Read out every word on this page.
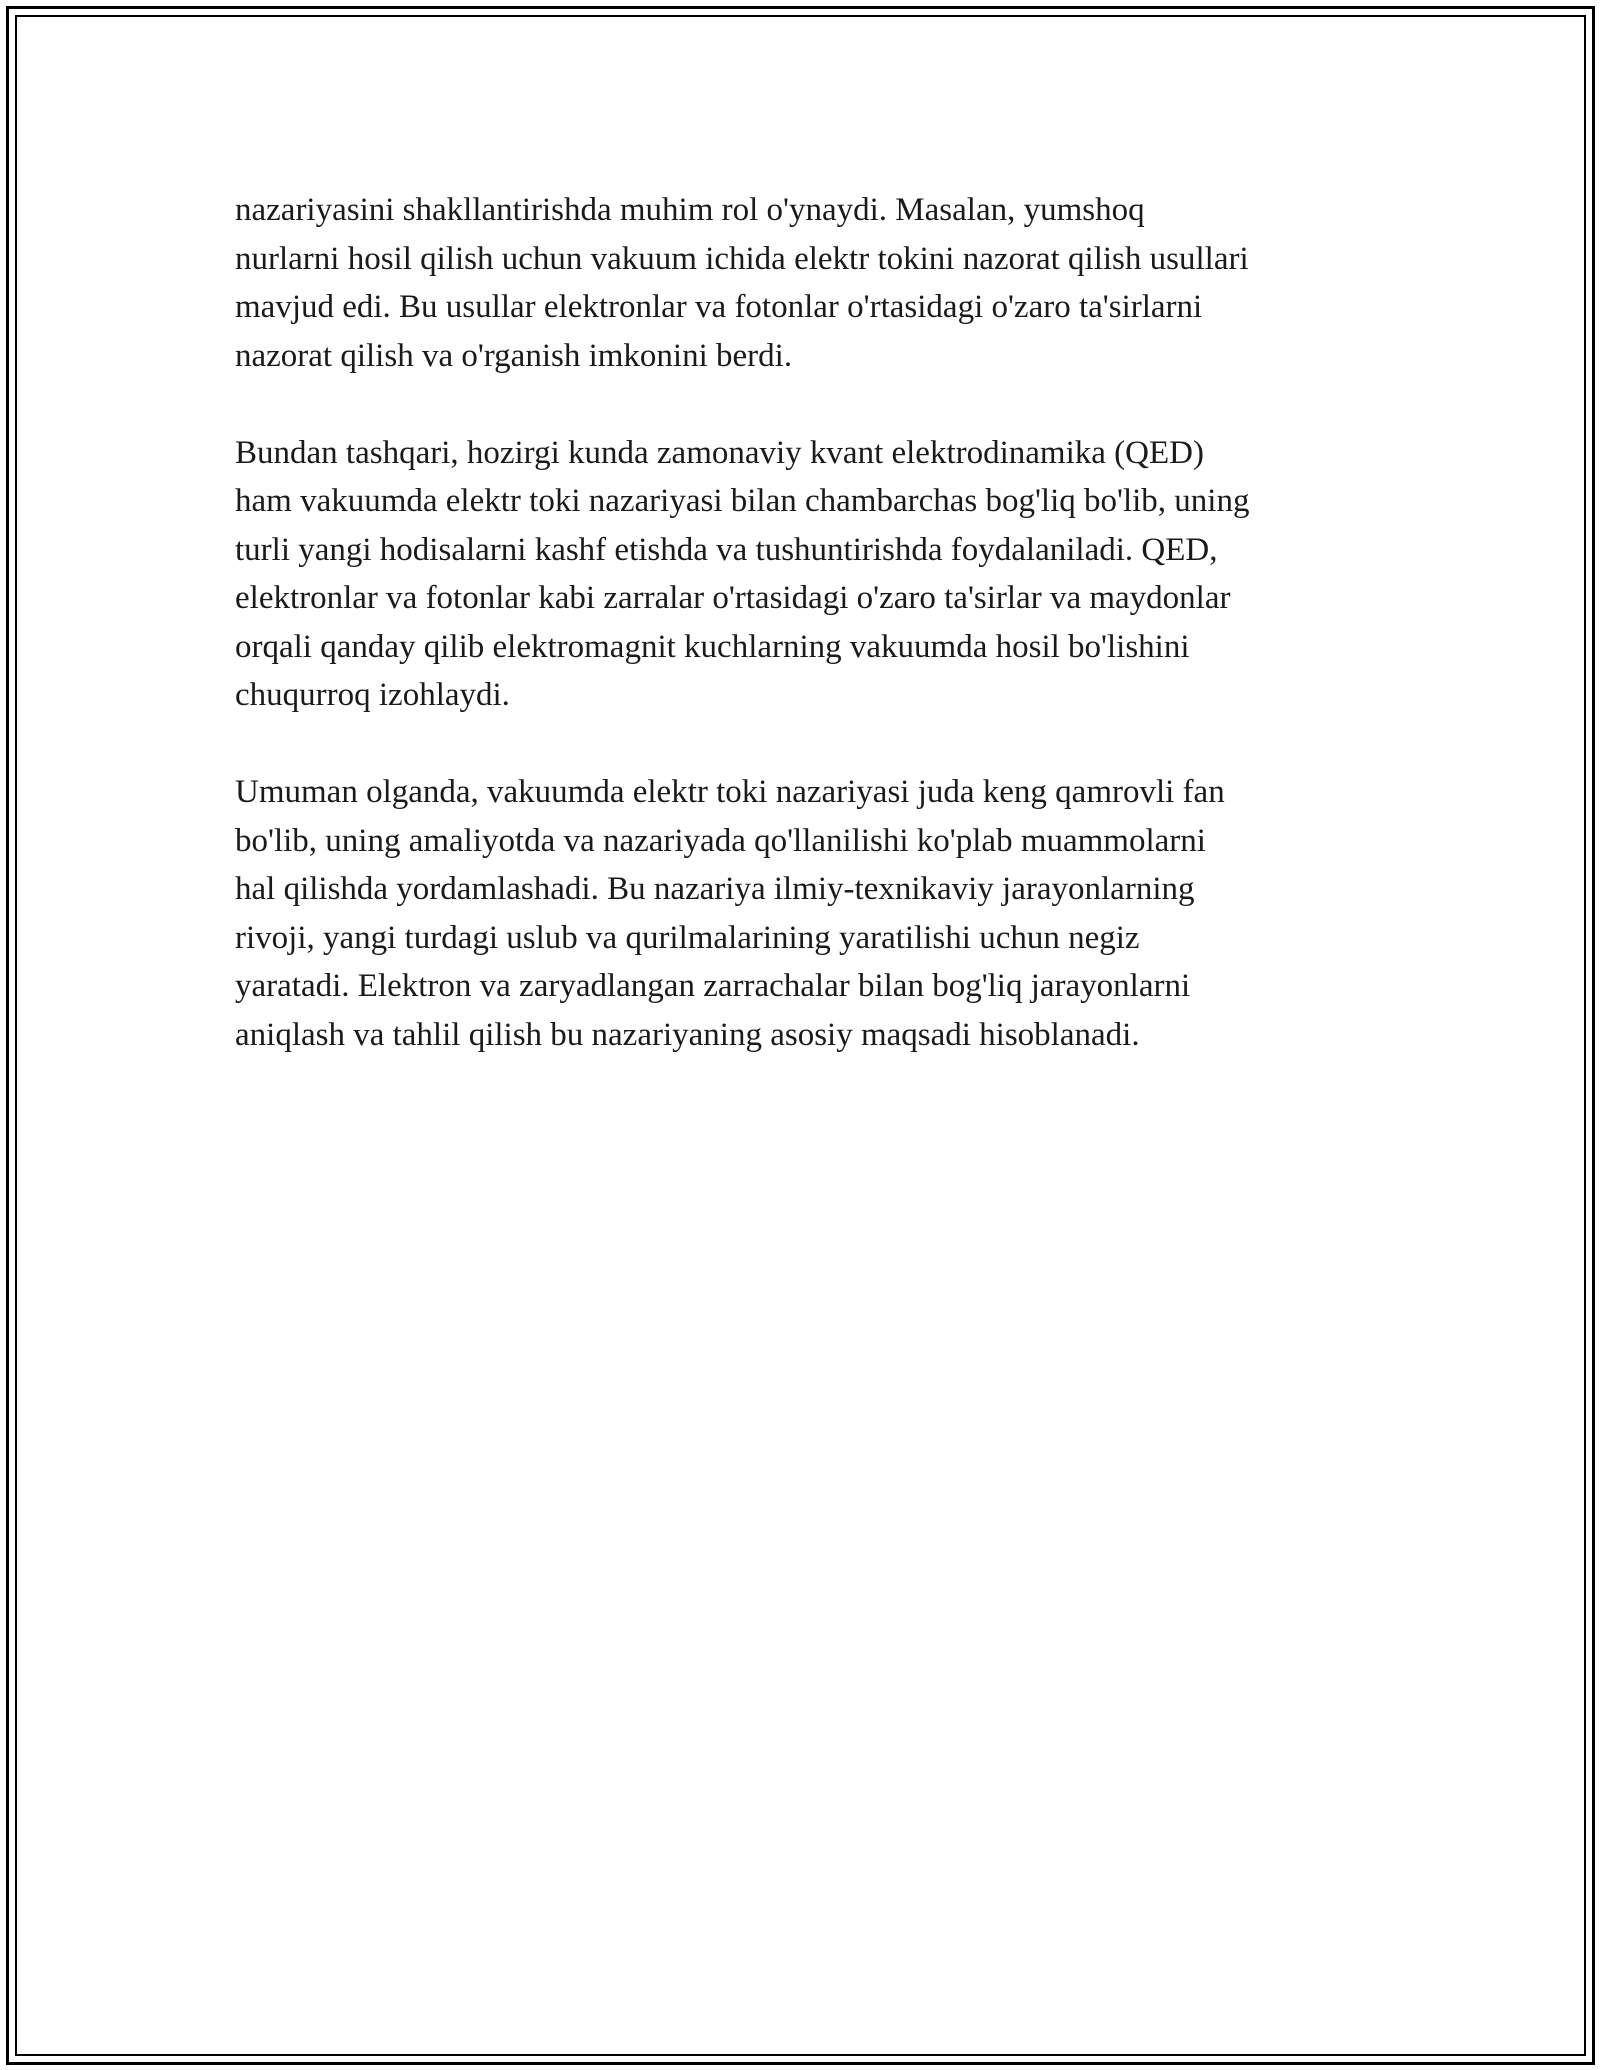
nazariyasini shakllantirishda muhim rol o'ynaydi. Masalan, yumshoq
nurlarni hosil qilish uchun vakuum ichida elektr tokini nazorat qilish usullari
mavjud edi. Bu usullar elektronlar va fotonlar o'rtasidagi o'zaro ta'sirlarni
nazorat qilish va o'rganish imkonini berdi.

Bundan tashqari, hozirgi kunda zamonaviy kvant elektrodinamika (QED)
ham vakuumda elektr toki nazariyasi bilan chambarchas bog'liq bo'lib, uning
turli yangi hodisalarni kashf etishda va tushuntirishda foydalaniladi. QED,
elektronlar va fotonlar kabi zarralar o'rtasidagi o'zaro ta'sirlar va maydonlar
orqali qanday qilib elektromagnit kuchlarning vakuumda hosil bo'lishini
chuqurroq izohlaydi.

Umuman olganda, vakuumda elektr toki nazariyasi juda keng qamrovli fan
bo'lib, uning amaliyotda va nazariyada qo'llanilishi ko'plab muammolarni
hal qilishda yordamlashadi. Bu nazariya ilmiy-texnikaviy jarayonlarning
rivoji, yangi turdagi uslub va qurilmalarining yaratilishi uchun negiz
yaratadi. Elektron va zaryadlangan zarrachalar bilan bog'liq jarayonlarni
aniqlash va tahlil qilish bu nazariyaning asosiy maqsadi hisoblanadi.
